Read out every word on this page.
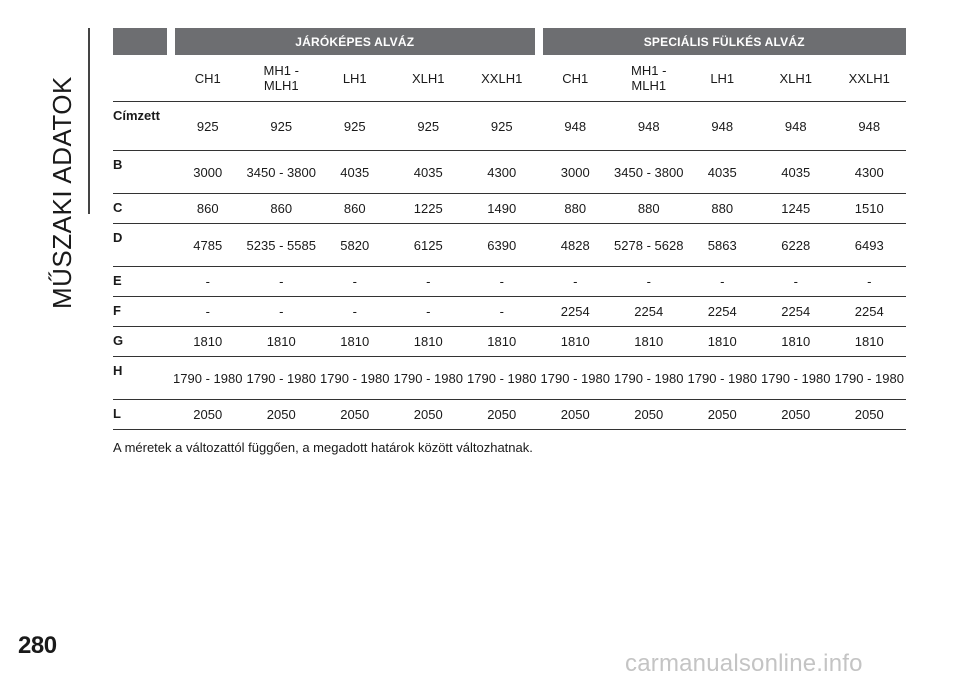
MŰSZAKI ADATOK
	JÁRÓKÉPES ALVÁZ					SPECIÁLIS FÜLKÉS ALVÁZ				
	CH1	MH1 - MLH1	LH1	XLH1	XXLH1	CH1	MH1 - MLH1	LH1	XLH1	XXLH1
Címzett	925	925	925	925	925	948	948	948	948	948
B	3000	3450 - 3800	4035	4035	4300	3000	3450 - 3800	4035	4035	4300
C	860	860	860	1225	1490	880	880	880	1245	1510
D	4785	5235 - 5585	5820	6125	6390	4828	5278 - 5628	5863	6228	6493
E	-	-	-	-	-	-	-	-	-	-
F	-	-	-	-	-	2254	2254	2254	2254	2254
G	1810	1810	1810	1810	1810	1810	1810	1810	1810	1810
H	1790 - 1980	1790 - 1980	1790 - 1980	1790 - 1980	1790 - 1980	1790 - 1980	1790 - 1980	1790 - 1980	1790 - 1980	1790 - 1980
L	2050	2050	2050	2050	2050	2050	2050	2050	2050	2050
A méretek a változattól függően, a megadott határok között változhatnak.
280
carmanualsonline.info
